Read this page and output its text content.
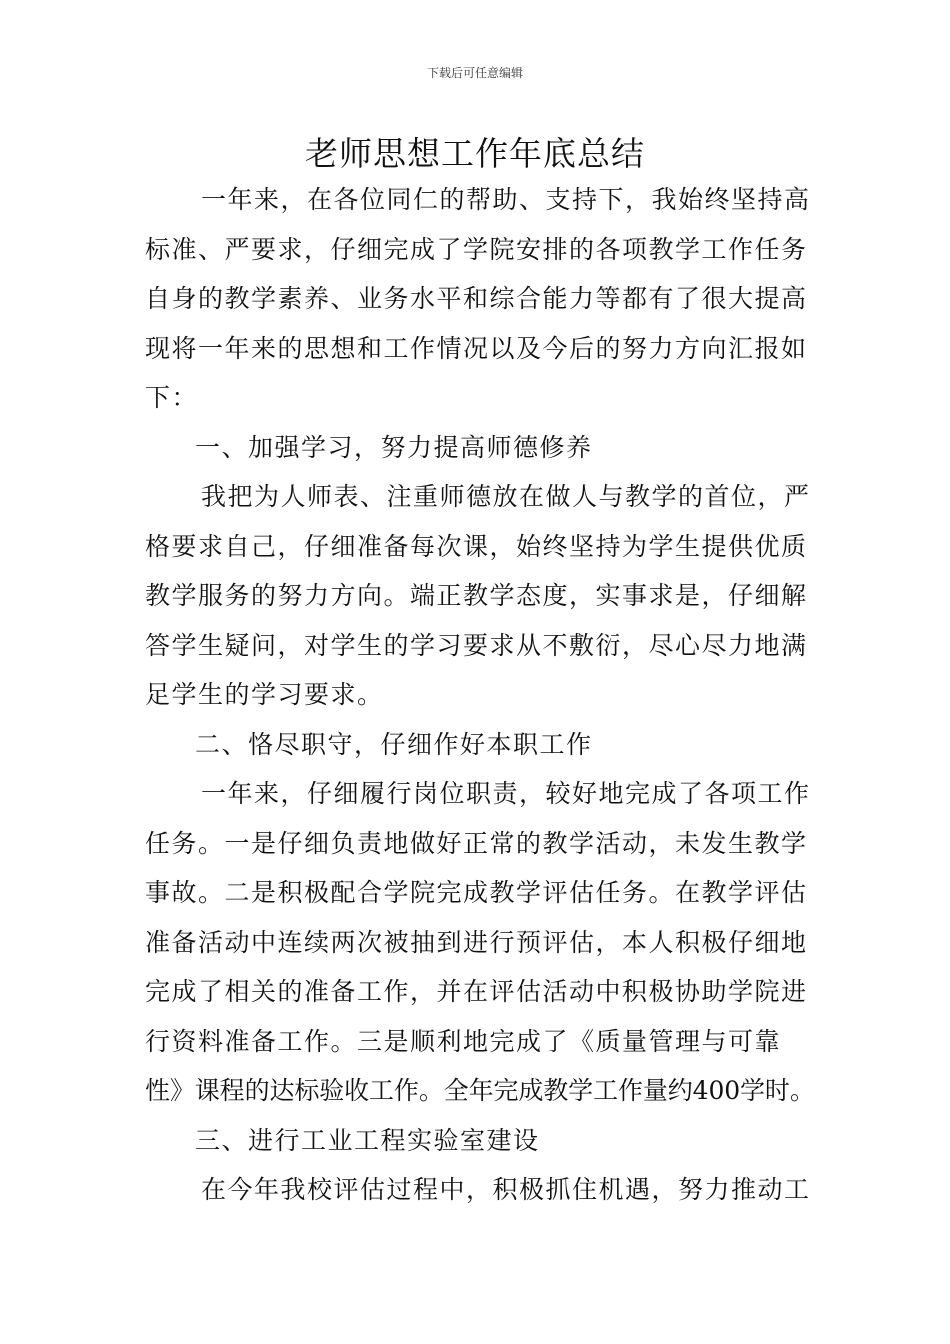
下载后可任意编辑
老师思想工作年底总结
一年来，在各位同仁的帮助、支持下，我始终坚持高
标准、严要求，仔细完成了学院安排的各项教学工作任务
自身的教学素养、业务水平和综合能力等都有了很大提高
现将一年来的思想和工作情况以及今后的努力方向汇报如
下：
一、加强学习，努力提高师德修养
我把为人师表、注重师德放在做人与教学的首位，严
格要求自己，仔细准备每次课，始终坚持为学生提供优质
教学服务的努力方向。端正教学态度，实事求是，仔细解
答学生疑问，对学生的学习要求从不敷衍，尽心尽力地满
足学生的学习要求。
二、恪尽职守，仔细作好本职工作
一年来，仔细履行岗位职责，较好地完成了各项工作
任务。一是仔细负责地做好正常的教学活动，未发生教学
事故。二是积极配合学院完成教学评估任务。在教学评估
准备活动中连续两次被抽到进行预评估，本人积极仔细地
完成了相关的准备工作，并在评估活动中积极协助学院进
行资料准备工作。三是顺利地完成了《质量管理与可靠
性》课程的达标验收工作。全年完成教学工作量约400学时。
三、进行工业工程实验室建设
在今年我校评估过程中，积极抓住机遇，努力推动工
